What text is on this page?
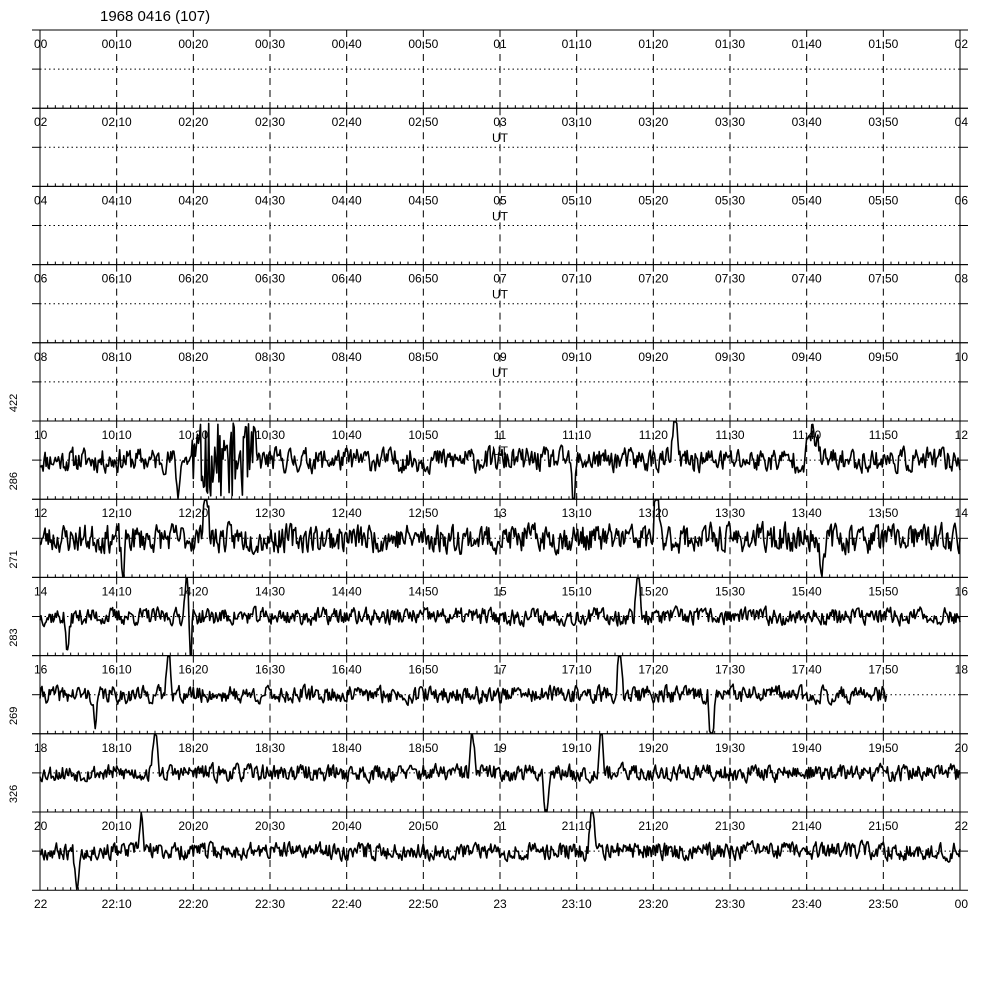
1968 0416 (107)
00	00:10	00:20	00:30	00:40	00:50	01	01:10	01:20	01:30	01:40	01:50	02
02	02:10	02:20	02:30	02:40	02:50	03	03:10	03:20	03:30	03:40	03:50	04
UT
04	04:10	04:20	04:30	04:40	04:50	05	05:10	05:20	05:30	05:40	05:50	06
UT
06	06:10	06:20	06:30	06:40	06:50	07	07:10	07:20	07:30	07:40	07:50	08
UT
08	08:10	08:20	08:30	08:40	08:50	09	09:10	09:20	09:30	09:40	09:50	10
UT
422
10	10:10	10:20	10:30	10:40	10:50	11	11:10	11:20	11:30	11:40	11:50	12
UT
286
12	12:10	12:20	12:30	12:40	12:50	13	13:10	13:20	13:30	13:40	13:50	14
271
14	14:10	14:20	14:30	14:40	14:50	15	15:10	15:20	15:30	15:40	15:50	16
283
16	16:10	16:20	16:30	16:40	16:50	17	17:10	17:20	17:30	17:40	17:50	18
269
18	18:10	18:20	18:30	18:40	18:50	19	19:10	19:20	19:30	19:40	19:50	20
326
20	20:10	20:20	20:30	20:40	20:50	21	21:10	21:20	21:30	21:40	21:50	22
22	22:10	22:20	22:30	22:40	22:50	23	23:10	23:20	23:30	23:40	23:50	00
